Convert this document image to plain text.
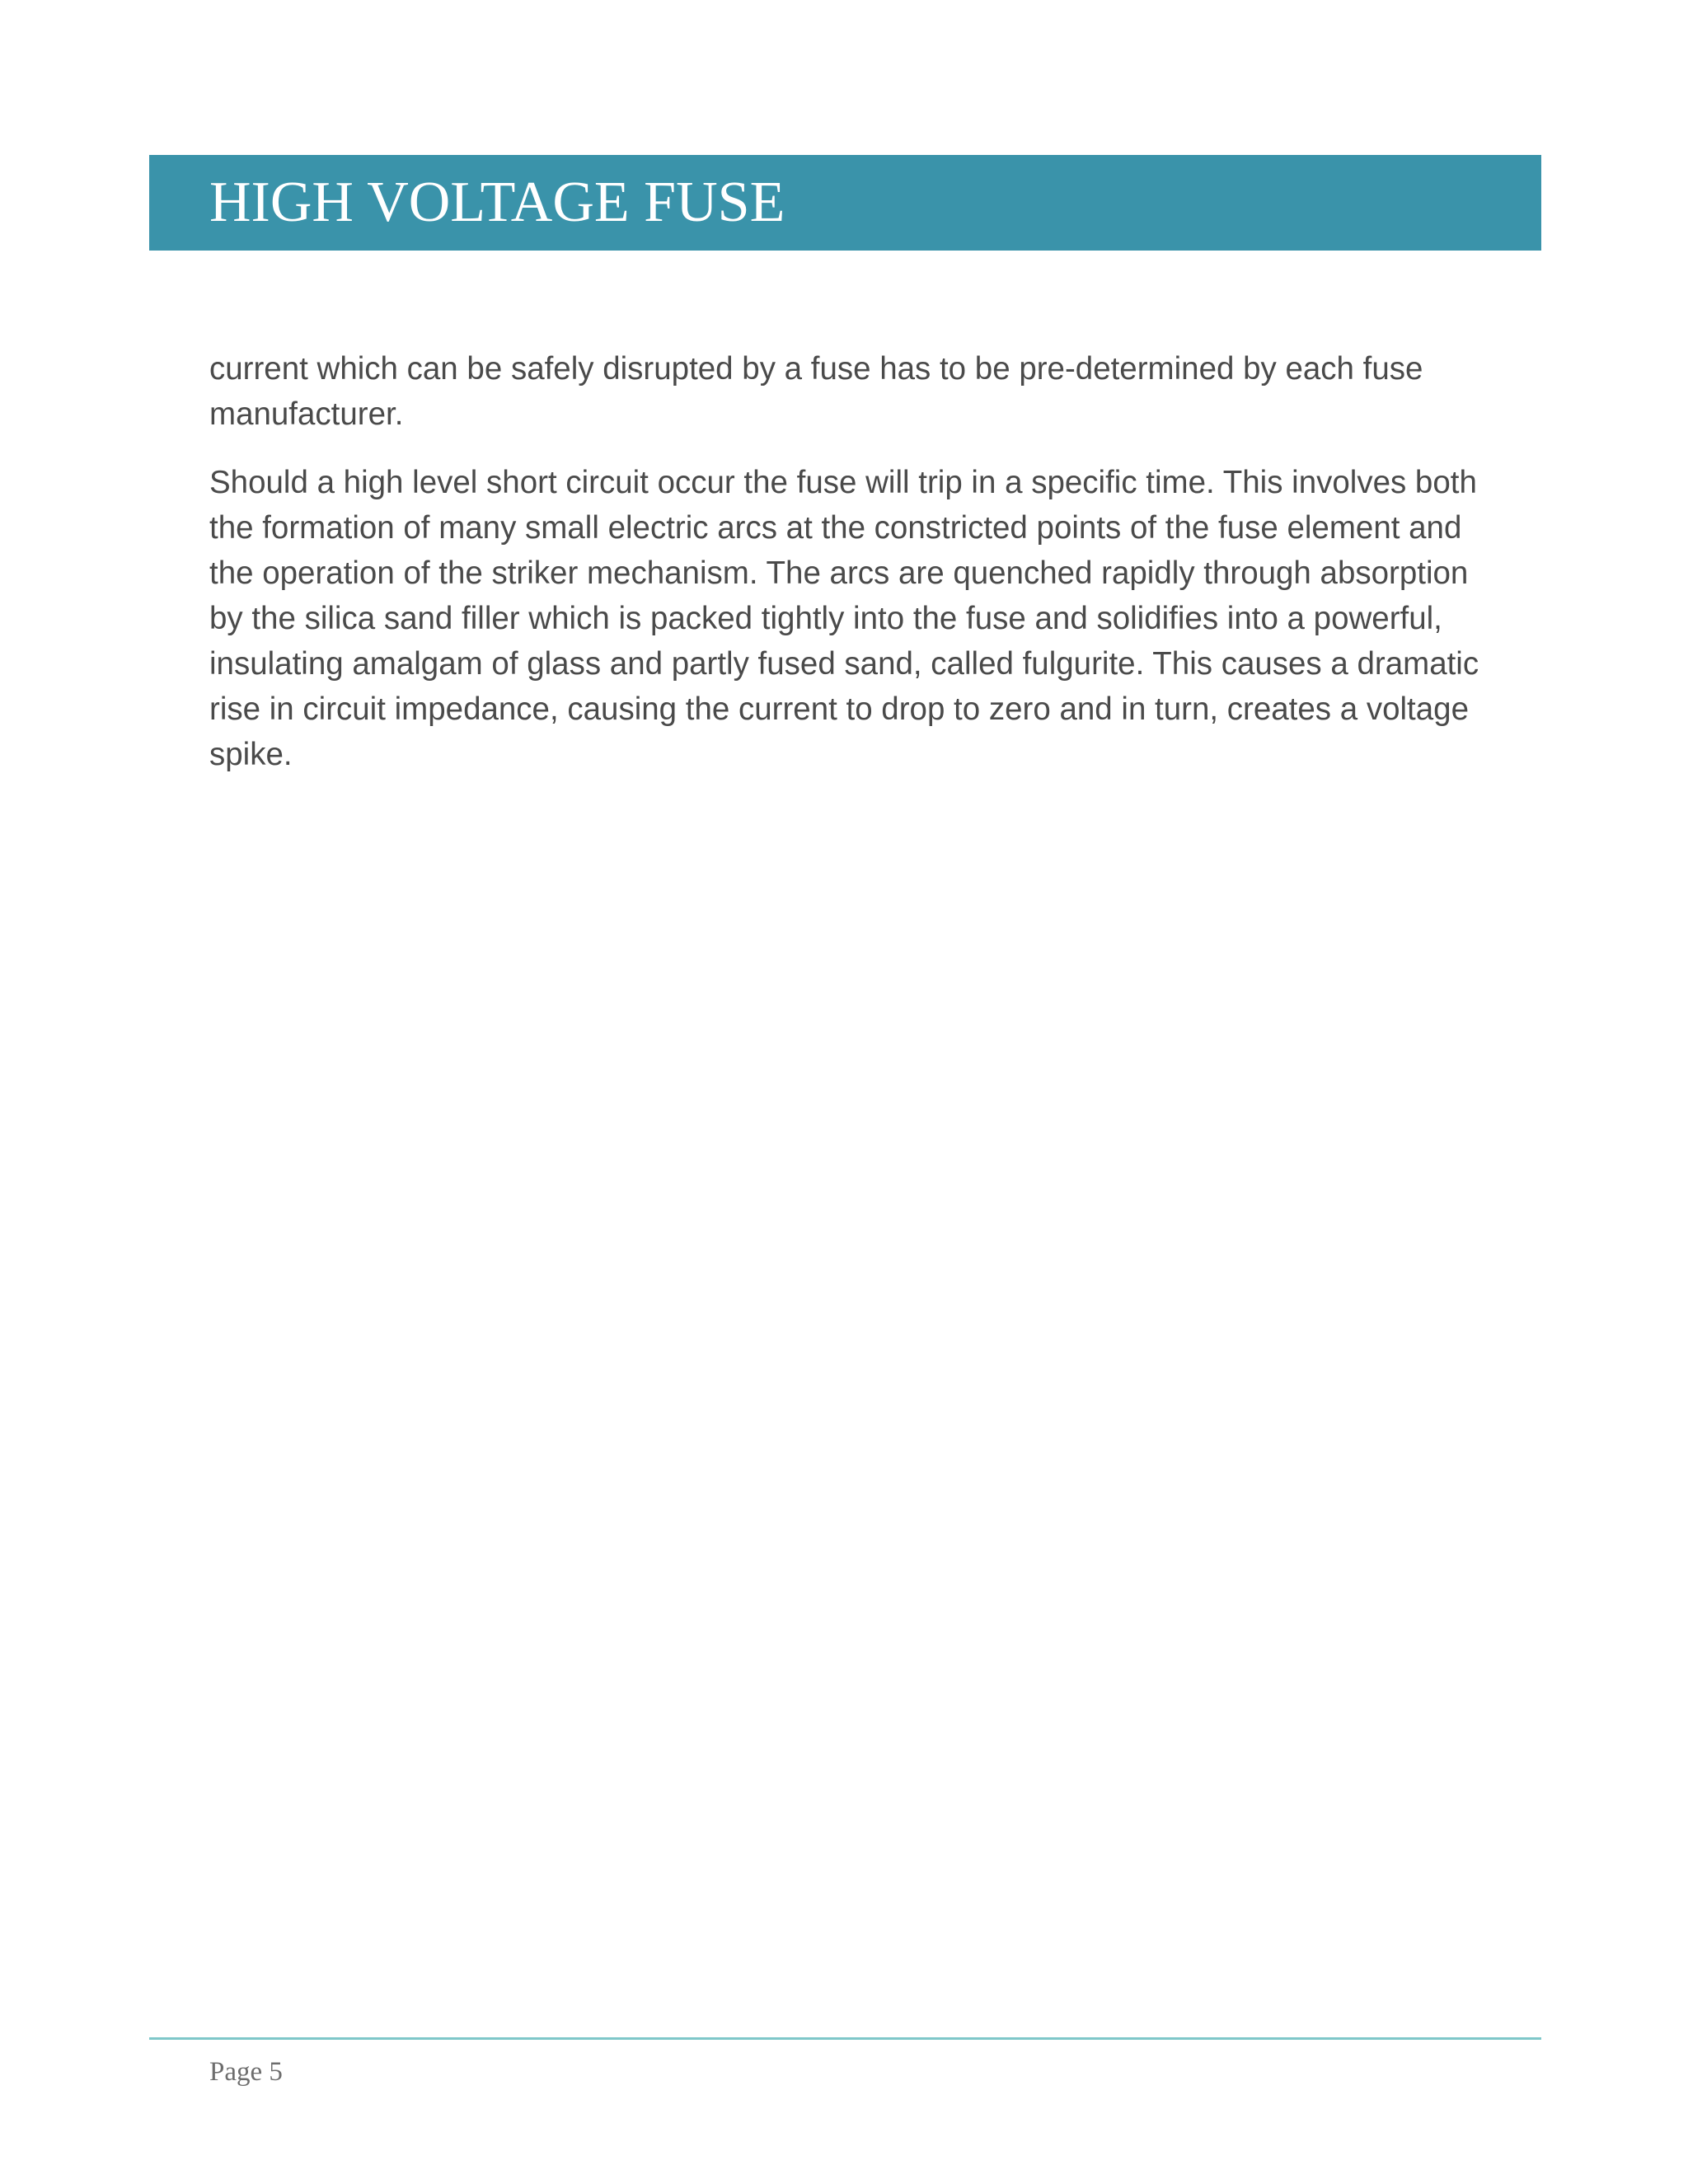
HIGH VOLTAGE FUSE

current which can be safely disrupted by a fuse has to be pre-determined by each fuse manufacturer.

Should a high level short circuit occur the fuse will trip in a specific time. This involves both the formation of many small electric arcs at the constricted points of the fuse element and the operation of the striker mechanism. The arcs are quenched rapidly through absorption by the silica sand filler which is packed tightly into the fuse and solidifies into a powerful, insulating amalgam of glass and partly fused sand, called fulgurite. This causes a dramatic rise in circuit impedance, causing the current to drop to zero and in turn, creates a voltage spike.

Page 5
